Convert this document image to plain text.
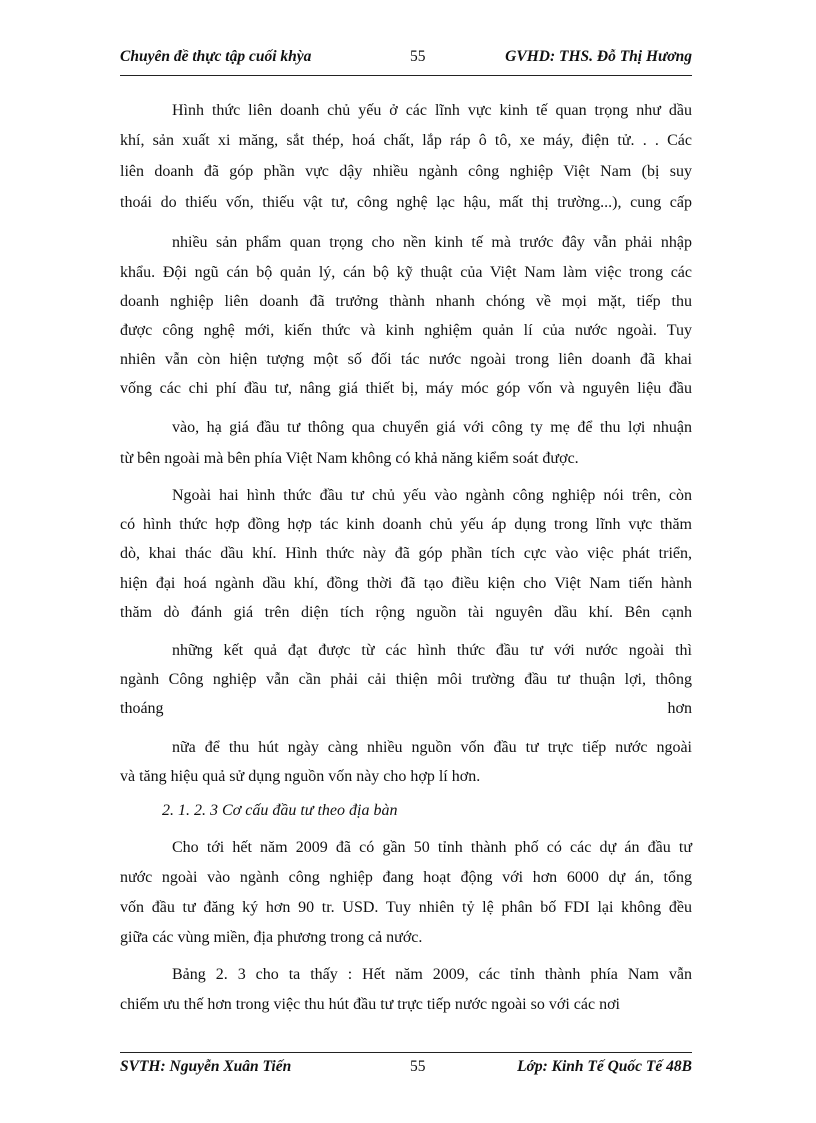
Chuyên đề thực tập cuối khỳa	55	GVHD: THS. Đỗ Thị Hương
Hình thức liên doanh chủ yếu ở các lĩnh vực kinh tế quan trọng như dầu
khí, sản xuất xi măng, sắt thép, hoá chất, lắp ráp ô tô, xe máy, điện tử. . . Các
liên doanh đã góp phần vực dậy nhiều ngành công nghiệp Việt Nam (bị suy
thoái do thiếu vốn, thiếu vật tư, công nghệ lạc hậu, mất thị trường...), cung cấp
nhiều sản phẩm quan trọng cho nền kinh tế mà trước đây vẫn phải nhập
khẩu. Đội ngũ cán bộ quản lý, cán bộ kỹ thuật của Việt Nam làm việc trong các
doanh nghiệp liên doanh đã trưởng thành nhanh chóng về mọi mặt, tiếp thu
được công nghệ mới, kiến thức và kinh nghiệm quản lí của nước ngoài. Tuy
nhiên vẫn còn hiện tượng một số đối tác nước ngoài trong liên doanh đã khai
vống các chi phí đầu tư, nâng giá thiết bị, máy móc góp vốn và nguyên liệu đầu
vào, hạ giá đầu tư thông qua chuyển giá với công ty mẹ để thu lợi nhuận
từ bên ngoài mà bên phía Việt Nam không có khả năng kiểm soát được.
Ngoài hai hình thức đầu tư chủ yếu vào ngành công nghiệp nói trên, còn
có hình thức hợp đồng hợp tác kinh doanh chủ yếu áp dụng trong lĩnh vực thăm
dò, khai thác dầu khí. Hình thức này đã góp phần tích cực vào việc phát triển,
hiện đại hoá ngành dầu khí, đồng thời đã tạo điều kiện cho Việt Nam tiến hành
thăm dò đánh giá trên diện tích rộng nguồn tài nguyên dầu khí. Bên cạnh
những kết quả đạt được từ các hình thức đầu tư với nước ngoài thì
ngành Công nghiệp vẫn cần phải cải thiện môi trường đầu tư thuận lợi, thông
thoáng	hơn
nữa để thu hút ngày càng nhiều nguồn vốn đầu tư trực tiếp nước ngoài
và tăng hiệu quả sử dụng nguồn vốn này cho hợp lí hơn.
2. 1. 2. 3 Cơ cấu đầu tư theo địa bàn
Cho tới hết năm 2009 đã có gần 50 tỉnh thành phố có các dự án đầu tư
nước ngoài vào ngành công nghiệp đang hoạt động với hơn 6000 dự án, tổng
vốn đầu tư đăng ký hơn 90 tr. USD. Tuy nhiên tỷ lệ phân bố FDI lại không đều
giữa các vùng miền, địa phương trong cả nước.
Bảng 2. 3 cho ta thấy : Hết năm 2009, các tỉnh thành phía Nam vẫn
chiếm ưu thế hơn trong việc thu hút đầu tư trực tiếp nước ngoài so với các nơi
SVTH: Nguyễn Xuân Tiến	55	Lớp: Kinh Tế Quốc Tế 48B
